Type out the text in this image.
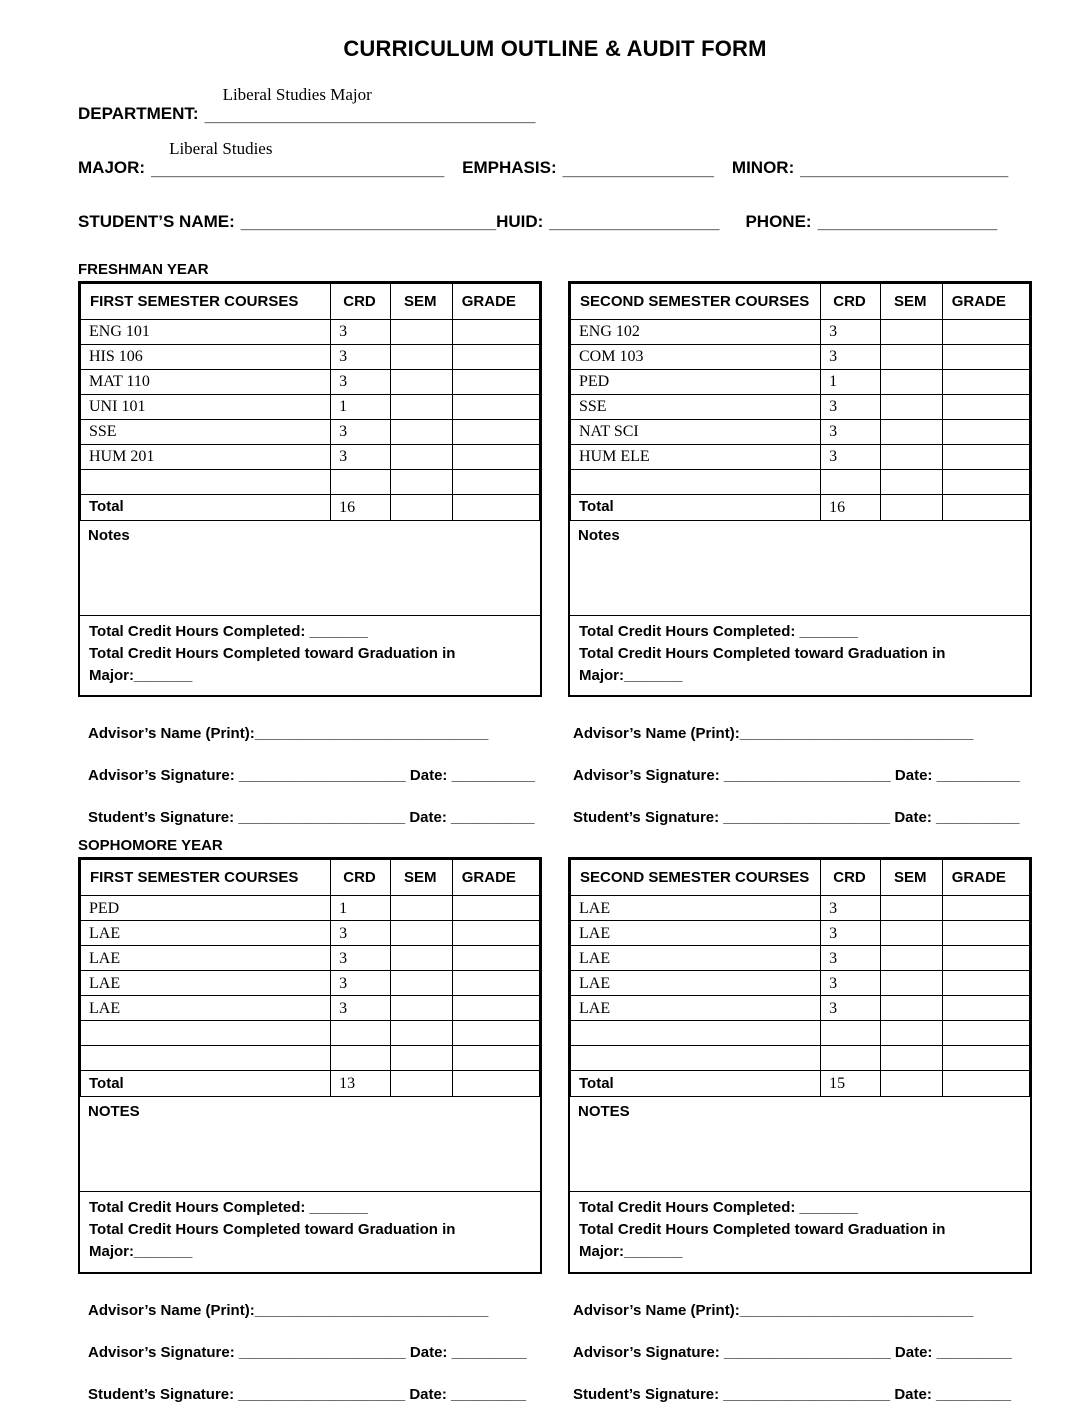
CURRICULUM OUTLINE & AUDIT FORM
DEPARTMENT:
Liberal Studies Major
___________________________________
MAJOR:
Liberal Studies
_______________________________ EMPHASIS: ________________ MINOR: ______________________
STUDENT’S NAME: ___________________________ HUID: __________________ PHONE: ___________________
FRESHMAN YEAR
FIRST SEMESTER COURSES	CRD	SEM	GRADE
ENG 101	3		
HIS 106	3		
MAT 110	3		
UNI 101	1		
SSE	3		
HUM 201	3		

Total	16		
Notes
Total Credit Hours Completed: _______
Total Credit Hours Completed toward Graduation in
Major:_______
SECOND SEMESTER COURSES	CRD	SEM	GRADE
ENG 102	3		
COM 103	3		
PED	1		
SSE	3		
NAT SCI	3		
HUM ELE	3		

Total	16		
Notes
Total Credit Hours Completed: _______
Total Credit Hours Completed toward Graduation in
Major:_______
Advisor’s Name (Print):____________________________
Advisor’s Signature: ____________________ Date: __________
Student’s Signature: ____________________ Date: __________
Advisor’s Name (Print):____________________________
Advisor’s Signature: ____________________ Date: __________
Student’s Signature: ____________________ Date: __________
SOPHOMORE YEAR
FIRST SEMESTER COURSES	CRD	SEM	GRADE
PED	1		
LAE	3		
LAE	3		
LAE	3		
LAE	3		

Total	13		
NOTES
Total Credit Hours Completed: _______
Total Credit Hours Completed toward Graduation in
Major:_______
SECOND SEMESTER COURSES	CRD	SEM	GRADE
LAE	3		
LAE	3		
LAE	3		
LAE	3		
LAE	3		

Total	15		
NOTES
Total Credit Hours Completed: _______
Total Credit Hours Completed toward Graduation in
Major:_______
Advisor’s Name (Print):____________________________
Advisor’s Signature: ____________________ Date: _________
Student’s Signature: ____________________ Date: _________
Advisor’s Name (Print):____________________________
Advisor’s Signature: ____________________ Date: _________
Student’s Signature: ____________________ Date: _________
